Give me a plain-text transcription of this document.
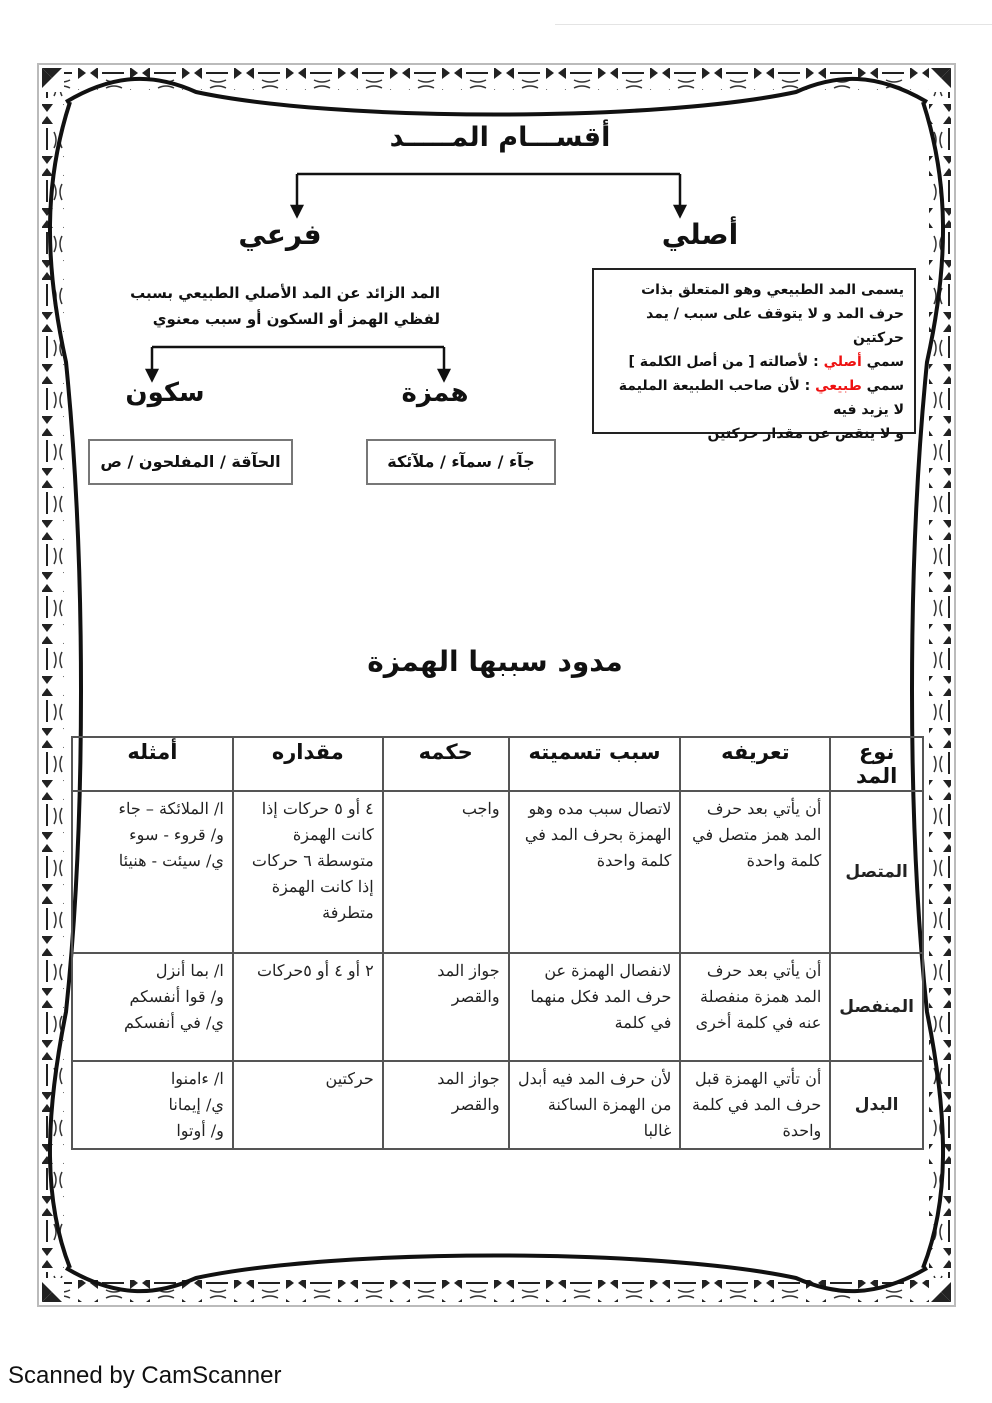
أقســـام المـــــد
أصلي
يسمى المد الطبيعي وهو المتعلق بذات حرف المد و لا يتوقف على سبب / يمد حركتين
سمي أصلي : لأصالته [ من أصل الكلمة ]
سمي طبيعي : لأن صاحب الطبيعة المليمة لا يزيد فيه
و لا ينقص عن مقدار حركتين
فرعي
المد الزائد عن المد الأصلي الطبيعي بسبب لفظي الهمز أو السكون أو سبب معنوي
همزة
سكون
جآء / سمآء / ملآئكة
الحآقة / المفلحون / ص
مدود سببها الهمزة
نوع المد	تعريفه	سبب تسميته	حكمه	مقداره	أمثله
المتصل	أن يأتي بعد حرف المد همز متصل في كلمة واحدة	لاتصال سبب مده وهو الهمزة بحرف المد في كلمة واحدة	واجب	٤ أو ٥ حركات إذا كانت الهمزة متوسطة ٦ حركات إذا كانت الهمزة متطرفة	ا/ الملائكة – جاء
و/ قروء - سوء
ي/ سيئت - هنيئا

المنفصل	أن يأتي بعد حرف المد همزة منفصلة عنه في كلمة أخرى	لانفصال الهمزة عن حرف المد فكل منهما في كلمة	جواز المد والقصر	٢ أو ٤ أو ٥حركات	ا/ بما أنزل
و/ قوا أنفسكم
ي/ في أنفسكم

البدل	أن تأتي الهمزة قبل حرف المد في كلمة واحدة	لأن حرف المد فيه أبدل من الهمزة الساكنة غالبا	جواز المد والقصر	حركتين	ا/ ءامنوا
ي/ إيمانا
و/ أوتوا
Scanned by CamScanner
